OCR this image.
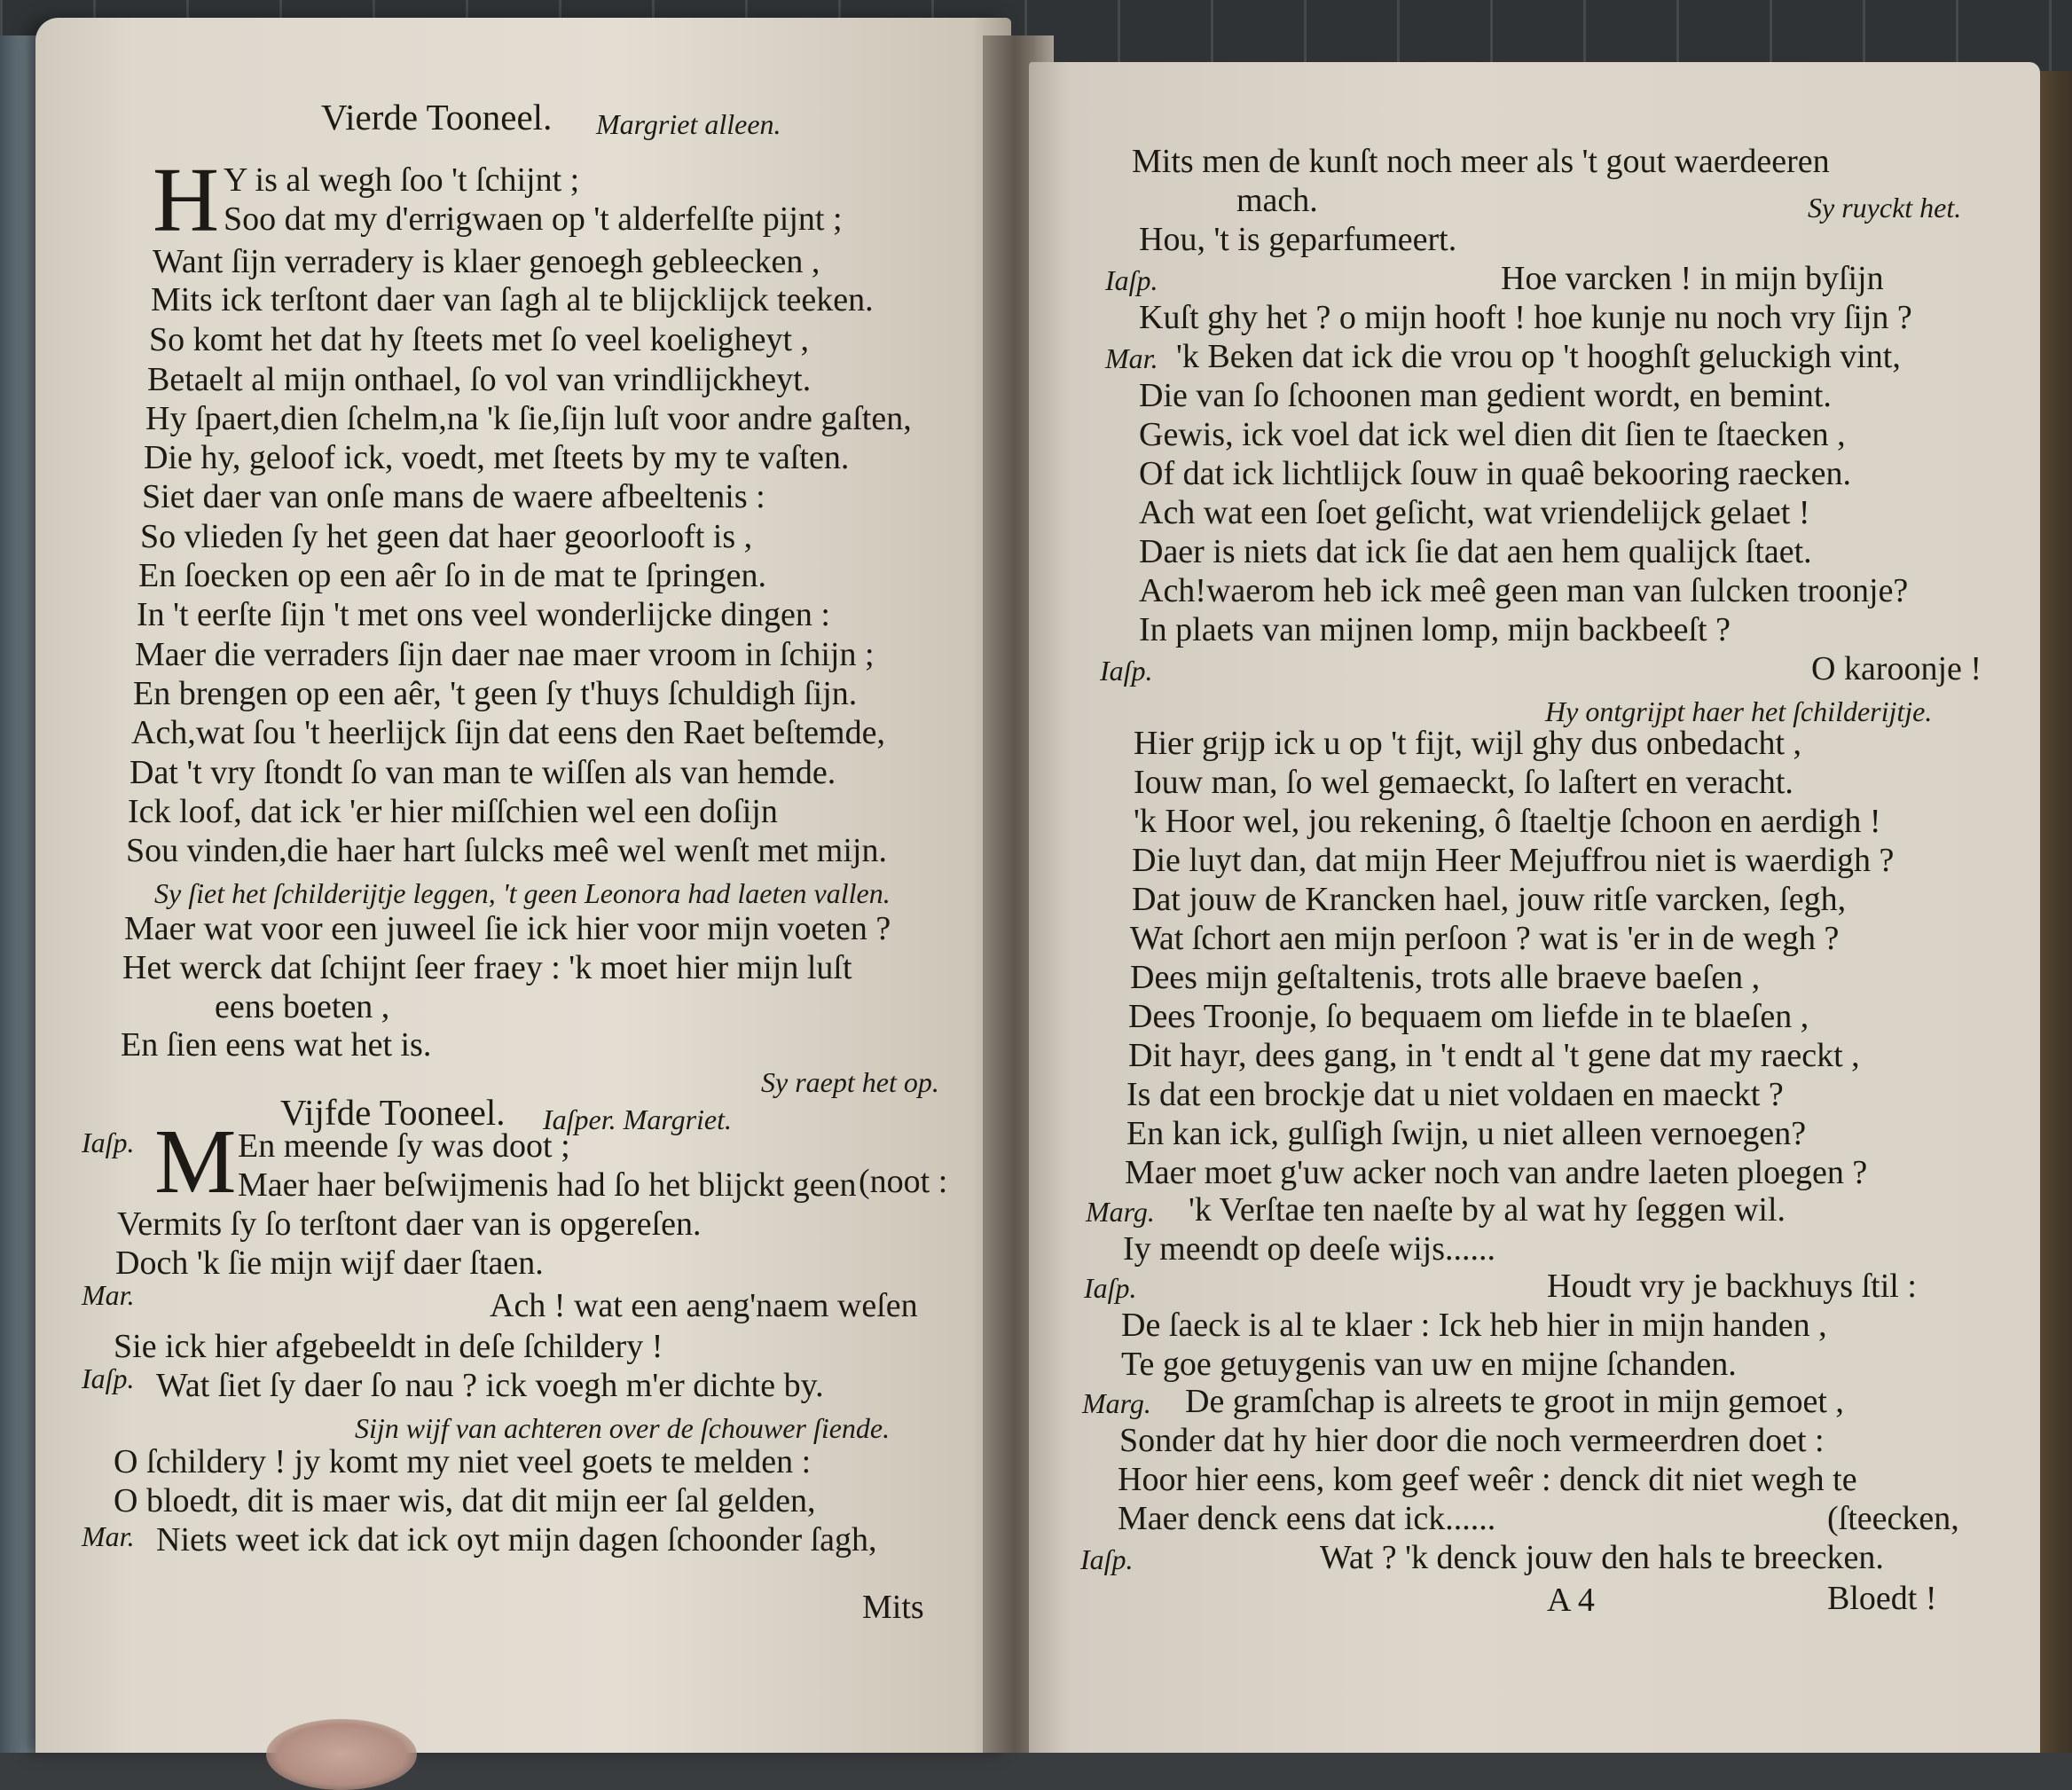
Vierde Tooneel. Margriet alleen.
H Y is al wegh ſoo 't ſchijnt ;
Soo dat my d'errigwaen op 't alderfelſte pijnt ;
Want ſijn verradery is klaer genoegh gebleecken ,
Mits ick terſtont daer van ſagh al te blijcklijck teeken.
So komt het dat hy ſteets met ſo veel koeligheyt ,
Betaelt al mijn onthael, ſo vol van vrindlijckheyt.
Hy ſpaert,dien ſchelm,na 'k ſie,ſijn luſt voor andre gaſten,
Die hy, geloof ick, voedt, met ſteets by my te vaſten.
Siet daer van onſe mans de waere afbeeltenis :
So vlieden ſy het geen dat haer geoorlooft is ,
En ſoecken op een aêr ſo in de mat te ſpringen.
In 't eerſte ſijn 't met ons veel wonderlijcke dingen :
Maer die verraders ſijn daer nae maer vroom in ſchijn ;
En brengen op een aêr, 't geen ſy t'huys ſchuldigh ſijn.
Ach,wat ſou 't heerlijck ſijn dat eens den Raet beſtemde,
Dat 't vry ſtondt ſo van man te wiſſen als van hemde.
Ick loof, dat ick 'er hier miſſchien wel een doſijn
Sou vinden,die haer hart ſulcks meê wel wenſt met mijn.
Sy ſiet het ſchilderijtje leggen, 't geen Leonora had laeten vallen.
Maer wat voor een juweel ſie ick hier voor mijn voeten ?
Het werck dat ſchijnt ſeer fraey : 'k moet hier mijn luſt
eens boeten ,
En ſien eens wat het is.
Sy raept het op.
Vijfde Tooneel. Iaſper. Margriet.
Iaſp. M En meende ſy was doot ;
Maer haer beſwijmenis had ſo het blijckt geen (noot :
Vermits ſy ſo terſtont daer van is opgereſen.
Doch 'k ſie mijn wijf daer ſtaen.
Mar.	Ach ! wat een aeng'naem weſen
Sie ick hier afgebeeldt in deſe ſchildery !
Iaſp. Wat ſiet ſy daer ſo nau ? ick voegh m'er dichte by.
Sijn wijf van achteren over de ſchouwer ſiende.
O ſchildery ! jy komt my niet veel goets te melden :
O bloedt, dit is maer wis, dat dit mijn eer ſal gelden,
Mar. Niets weet ick dat ick oyt mijn dagen ſchoonder ſagh,
Mits
Mits men de kunſt noch meer als 't gout waerdeeren
mach.	Sy ruyckt het.
Hou, 't is geparfumeert.
Iaſp.	Hoe varcken ! in mijn byſijn
Kuſt ghy het ? o mijn hooft ! hoe kunje nu noch vry ſijn ?
Mar. 'k Beken dat ick die vrou op 't hooghſt geluckigh vint,
Die van ſo ſchoonen man gedient wordt, en bemint.
Gewis, ick voel dat ick wel dien dit ſien te ſtaecken ,
Of dat ick lichtlijck ſouw in quaê bekooring raecken.
Ach wat een ſoet geſicht, wat vriendelijck gelaet !
Daer is niets dat ick ſie dat aen hem qualijck ſtaet.
Ach!waerom heb ick meê geen man van ſulcken troonje?
In plaets van mijnen lomp, mijn backbeeſt ?
Iaſp.	O karoonje !
Hy ontgrijpt haer het ſchilderijtje.
Hier grijp ick u op 't fijt, wijl ghy dus onbedacht ,
Iouw man, ſo wel gemaeckt, ſo laſtert en veracht.
'k Hoor wel, jou rekening, ô ſtaeltje ſchoon en aerdigh !
Die luyt dan, dat mijn Heer Mejuffrou niet is waerdigh ?
Dat jouw de Krancken hael, jouw ritſe varcken, ſegh,
Wat ſchort aen mijn perſoon ? wat is 'er in de wegh ?
Dees mijn geſtaltenis, trots alle braeve baeſen ,
Dees Troonje, ſo bequaem om liefde in te blaeſen ,
Dit hayr, dees gang, in 't endt al 't gene dat my raeckt ,
Is dat een brockje dat u niet voldaen en maeckt ?
En kan ick, gulſigh ſwijn, u niet alleen vernoegen?
Maer moet g'uw acker noch van andre laeten ploegen ?
Marg. 'k Verſtae ten naeſte by al wat hy ſeggen wil.
Iy meendt op deeſe wijs......
Iaſp.	Houdt vry je backhuys ſtil :
De ſaeck is al te klaer : Ick heb hier in mijn handen ,
Te goe getuygenis van uw en mijne ſchanden.
Marg. De gramſchap is alreets te groot in mijn gemoet ,
Sonder dat hy hier door die noch vermeerdren doet :
Hoor hier eens, kom geef weêr : denck dit niet wegh te
Maer denck eens dat ick......	(ſteecken,
Iaſp.	Wat ? 'k denck jouw den hals te breecken.
A 4	Bloedt !
